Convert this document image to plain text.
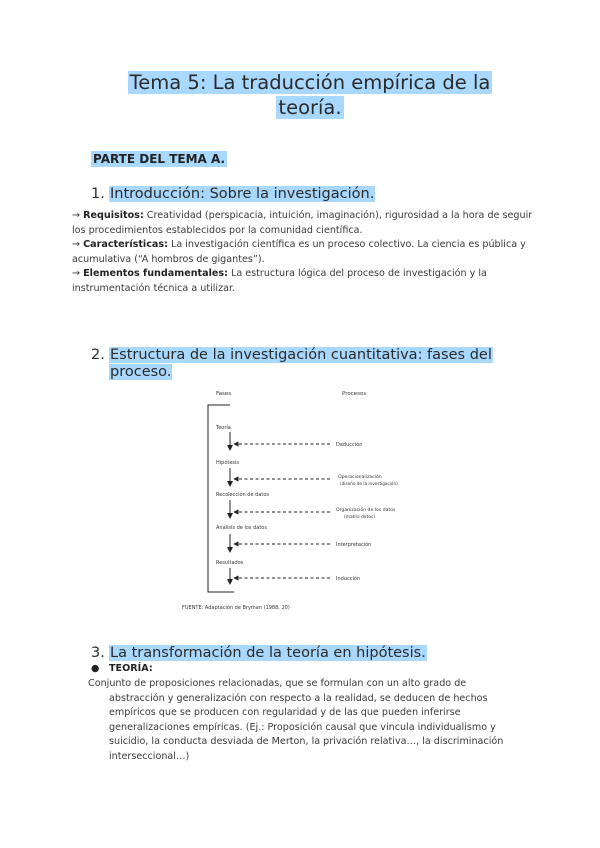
Tema 5: La traducción empírica de la
teoría.
PARTE DEL TEMA A.
1. Introducción: Sobre la investigación.
→ Requisitos: Creatividad (perspicacia, intuición, imaginación), rigurosidad a la hora de seguir los procedimientos establecidos por la comunidad científica.
→ Características: La investigación científica es un proceso colectivo. La ciencia es pública y acumulativa (“A hombros de gigantes”).
→ Elementos fundamentales: La estructura lógica del proceso de investigación y la instrumentación técnica a utilizar.
2. Estructura de la investigación cuantitativa: fases del
proceso.
Fases	Procesos
Teoría
Hipótesis
Recolección de datos
Análisis de los datos
Resultados
Deducción
Operacionalización
(diseño de la investigación)
Organización de los datos
(matriz datos)
Interpretación
Inducción
FUENTE: Adaptación de Bryman (1988, 20)
3. La transformación de la teoría en hipótesis.
● TEORÍA:
Conjunto de proposiciones relacionadas, que se formulan con un alto grado de
abstracción y generalización con respecto a la realidad, se deducen de hechos empíricos que se producen con regularidad y de las que pueden inferirse generalizaciones empíricas. (Ej.: Proposición causal que vincula individualismo y suicidio, la conducta desviada de Merton, la privación relativa…, la discriminación interseccional…)
